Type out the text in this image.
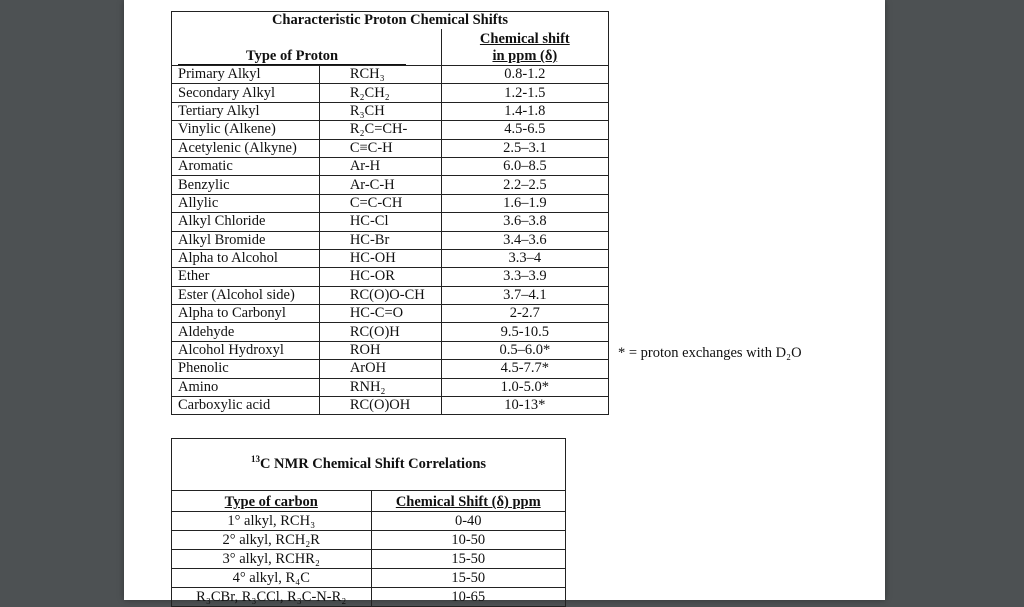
Characteristic Proton Chemical Shifts		
Type of Proton		Chemical shift
in ppm (δ)

Primary Alkyl	RCH₃	0.8-1.2
Secondary Alkyl	R₂CH₂	1.2-1.5
Tertiary Alkyl	R₃CH	1.4-1.8
Vinylic (Alkene)	R₂C=CH-	4.5-6.5
Acetylenic (Alkyne)	C≡C-H	2.5–3.1
Aromatic	Ar-H	6.0–8.5
Benzylic	Ar-C-H	2.2–2.5
Allylic	C=C-CH	1.6–1.9
Alkyl Chloride	HC-Cl	3.6–3.8
Alkyl Bromide	HC-Br	3.4–3.6
Alpha to Alcohol	HC-OH	3.3–4
Ether	HC-OR	3.3–3.9
Ester (Alcohol side)	RC(O)O-CH	3.7–4.1
Alpha to Carbonyl	HC-C=O	2-2.7
Aldehyde	RC(O)H	9.5-10.5
Alcohol Hydroxyl	ROH	0.5–6.0*
Phenolic	ArOH	4.5-7.7*
Amino	RNH₂	1.0-5.0*
Carboxylic acid	RC(O)OH	10-13*
* = proton exchanges with D₂O
$^{13}$C NMR Chemical Shift Correlations	
Type of carbon	Chemical Shift (δ) ppm
1° alkyl, RCH₃	0-40
2° alkyl, RCH₂R	10-50
3° alkyl, RCHR₂	15-50
4° alkyl, R₄C	15-50
R₃CBr, R₃CCl, R₃C-N-R₂	10-65
